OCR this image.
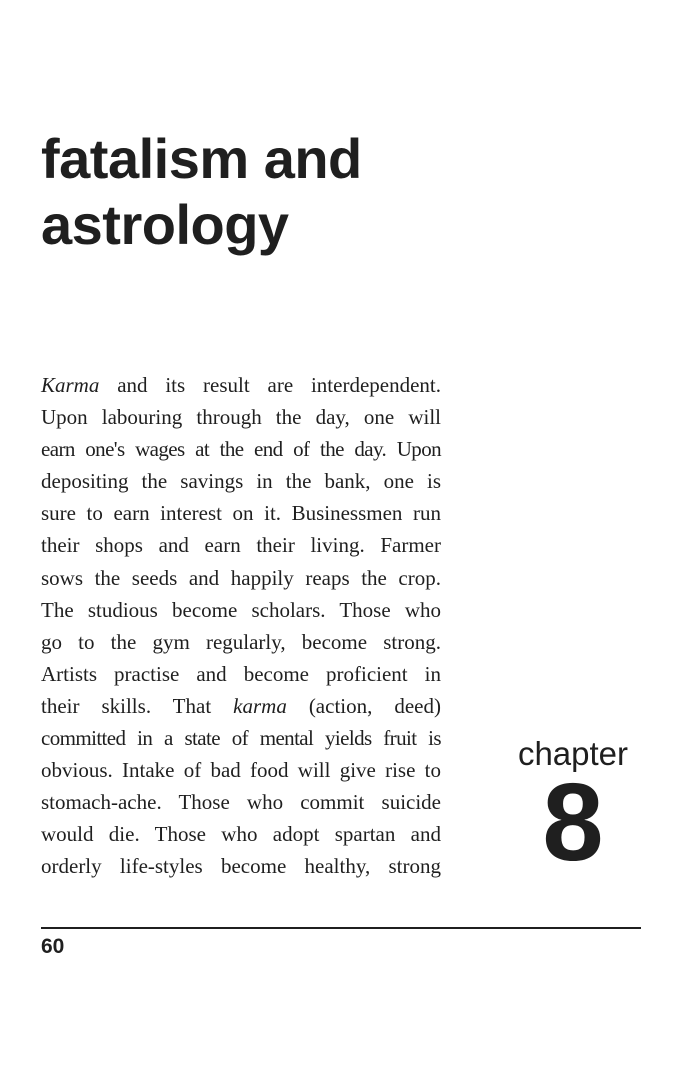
fatalism and
astrology
Karma and its result are interdependent.
Upon labouring through the day, one will
earn one's wages at the end of the day. Upon
depositing the savings in the bank, one is
sure to earn interest on it. Businessmen run
their shops and earn their living. Farmer
sows the seeds and happily reaps the crop.
The studious become scholars. Those who
go to the gym regularly, become strong.
Artists practise and become proficient in
their skills. That karma (action, deed)
committed in a state of mental yields fruit is
obvious. Intake of bad food will give rise to
stomach-ache. Those who commit suicide
would die. Those who adopt spartan and
orderly life-styles become healthy, strong
chapter
8
60
